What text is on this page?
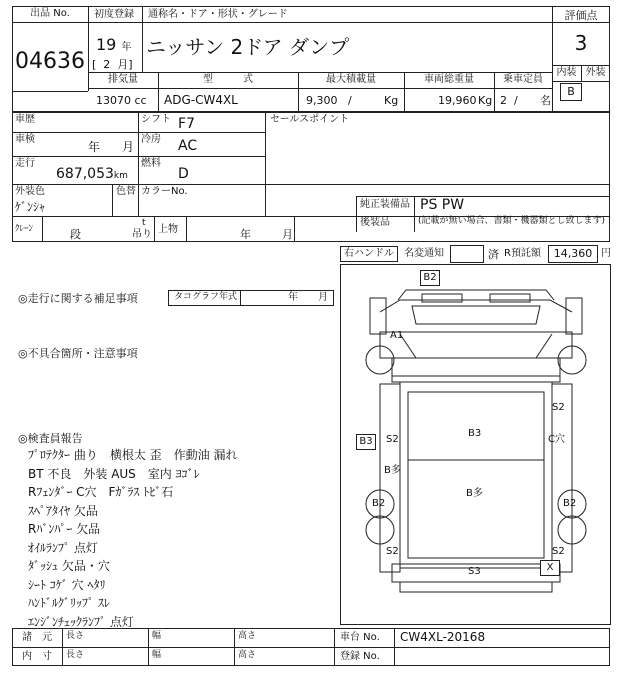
出品 No.
04636
初度登録 通称名・ドア・形状・グレード
19 年
[ 2 月]
ニッサン 2ドア ダンプ
評価点
3
内装 外装
B
排気量	型　　　式	最大積載量	車両総重量	乗車定員
13070 cc ADG-CW4XL	9,300 /	Kg	19,960 Kg 2 / 名
車歴	シフト F7	セールスポイント
車検
年 月
冷房 AC
走行
687,053km
燃料
D
外装色
ｹﾞﾝｼｬ
色替 カラーNo.
純正装備品 PS PW
後装品	(記載が無い場合、書類・機器類とし致します)
ｸﾚｰﾝ	段
t
吊り 上物	年	月
右ハンドル	名変通知	済 R預託額	14,360 円
◎走行に関する補足事項	タコグラフ年式	年 月
◎不具合箇所・注意事項
◎検査員報告
ﾌﾟﾛﾃｸﾀｰ 曲り　横根太 歪　作動油 漏れ
BT 不良　外装 AUS　室内 ﾖｺﾞﾚ
Rﾌｪﾝﾀﾞｰ C穴　Fｶﾞﾗｽ ﾄﾋﾞ石
ｽﾍﾟｱﾀｲﾔ 欠品
Rﾊﾞﾝﾊﾟｰ 欠品
ｵｲﾙﾗﾝﾌﾟ 点灯
ﾀﾞｯｼｭ 欠品・穴
ｼｰﾄ ｺｹﾞ 穴 ﾍﾀﾘ
ﾊﾝﾄﾞﾙｸﾞﾘｯﾌﾟ ｽﾚ
ｴﾝｼﾞﾝﾁｪｯｸﾗﾝﾌﾟ 点灯
B2
A1
S2
B3	S2
B3
C穴
B多
B多
B2	B2
S2	S2
S3	X
諸　元
内　寸
長さ	幅	高さ
長さ	幅	高さ
車台 No. CW4XL-20168
登録 No.
